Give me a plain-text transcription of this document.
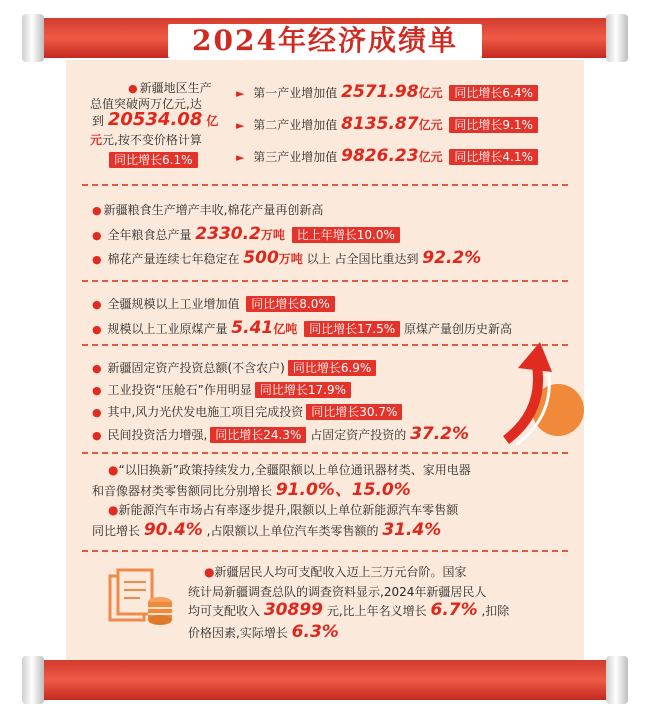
2024年经济成绩单
● 新疆地区生产
总值突破两万亿元,达
到 20534.08 亿
元元,按不变价格计算
同比增长6.1%
► 第一产业增加值 2571.98亿元 同比增长6.4%
► 第二产业增加值 8135.87亿元 同比增长9.1%
► 第三产业增加值 9826.23亿元 同比增长4.1%
● 新疆粮食生产增产丰收,棉花产量再创新高
● 全年粮食总产量 2330.2万吨 比上年增长10.0%
● 棉花产量连续七年稳定在 500万吨 以上 占全国比重达到 92.2%
● 全疆规模以上工业增加值 同比增长8.0%
● 规模以上工业原煤产量 5.41亿吨 同比增长17.5% 原煤产量创历史新高
● 新疆固定资产投资总额(不含农户) 同比增长6.9%
● 工业投资“压舱石”作用明显 同比增长17.9%
● 其中,风力光伏发电施工项目完成投资 同比增长30.7%
● 民间投资活力增强, 同比增长24.3% 占固定资产投资的 37.2%
●“以旧换新”政策持续发力,全疆限额以上单位通讯器材类、家用电器
和音像器材类零售额同比分别增长 91.0%、15.0%
●新能源汽车市场占有率逐步提升,限额以上单位新能源汽车零售额
同比增长 90.4% ,占限额以上单位汽车类零售额的 31.4%
●新疆居民人均可支配收入迈上三万元台阶。国家
统计局新疆调查总队的调查资料显示,2024年新疆居民人
均可支配收入 30899 元,比上年名义增长 6.7% ,扣除
价格因素,实际增长 6.3%
